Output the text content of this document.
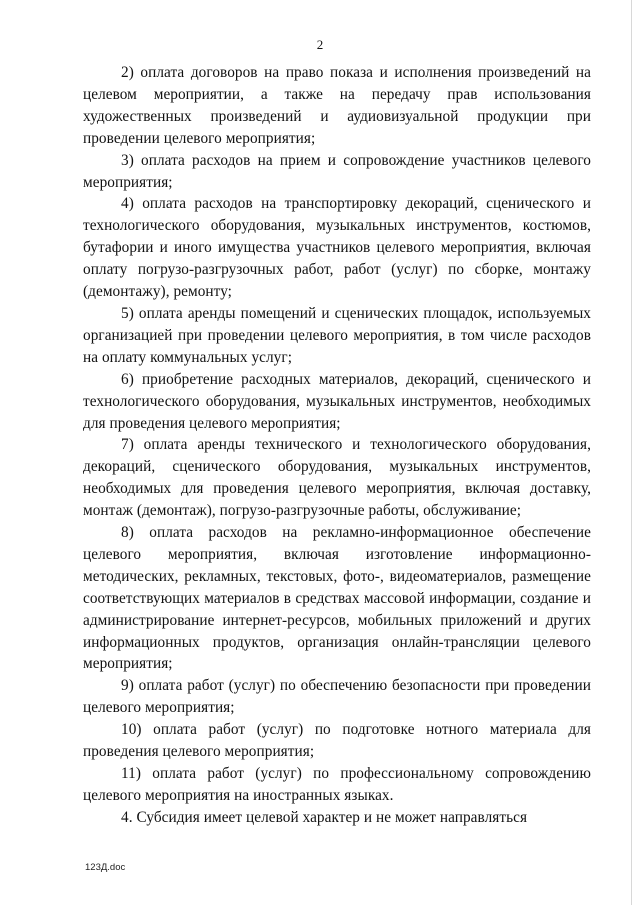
2

2) оплата договоров на право показа и исполнения произведений на целевом мероприятии, а также на передачу прав использования художественных произведений и аудиовизуальной продукции при проведении целевого мероприятия;

3) оплата расходов на прием и сопровождение участников целевого мероприятия;

4) оплата расходов на транспортировку декораций, сценического и технологического оборудования, музыкальных инструментов, костюмов, бутафории и иного имущества участников целевого мероприятия, включая оплату погрузо-разгрузочных работ, работ (услуг) по сборке, монтажу (демонтажу), ремонту;

5) оплата аренды помещений и сценических площадок, используемых организацией при проведении целевого мероприятия, в том числе расходов на оплату коммунальных услуг;

6) приобретение расходных материалов, декораций, сценического и технологического оборудования, музыкальных инструментов, необходимых для проведения целевого мероприятия;

7) оплата аренды технического и технологического оборудования, декораций, сценического оборудования, музыкальных инструментов, необходимых для проведения целевого мероприятия, включая доставку, монтаж (демонтаж), погрузо-разгрузочные работы, обслуживание;

8) оплата расходов на рекламно-информационное обеспечение целевого мероприятия, включая изготовление информационно-методических, рекламных, текстовых, фото-, видеоматериалов, размещение соответствующих материалов в средствах массовой информации, создание и администрирование интернет-ресурсов, мобильных приложений и других информационных продуктов, организация онлайн-трансляции целевого мероприятия;

9) оплата работ (услуг) по обеспечению безопасности при проведении целевого мероприятия;

10) оплата работ (услуг) по подготовке нотного материала для проведения целевого мероприятия;

11) оплата работ (услуг) по профессиональному сопровождению целевого мероприятия на иностранных языках.

4. Субсидия имеет целевой характер и не может направляться

123Д.doc
